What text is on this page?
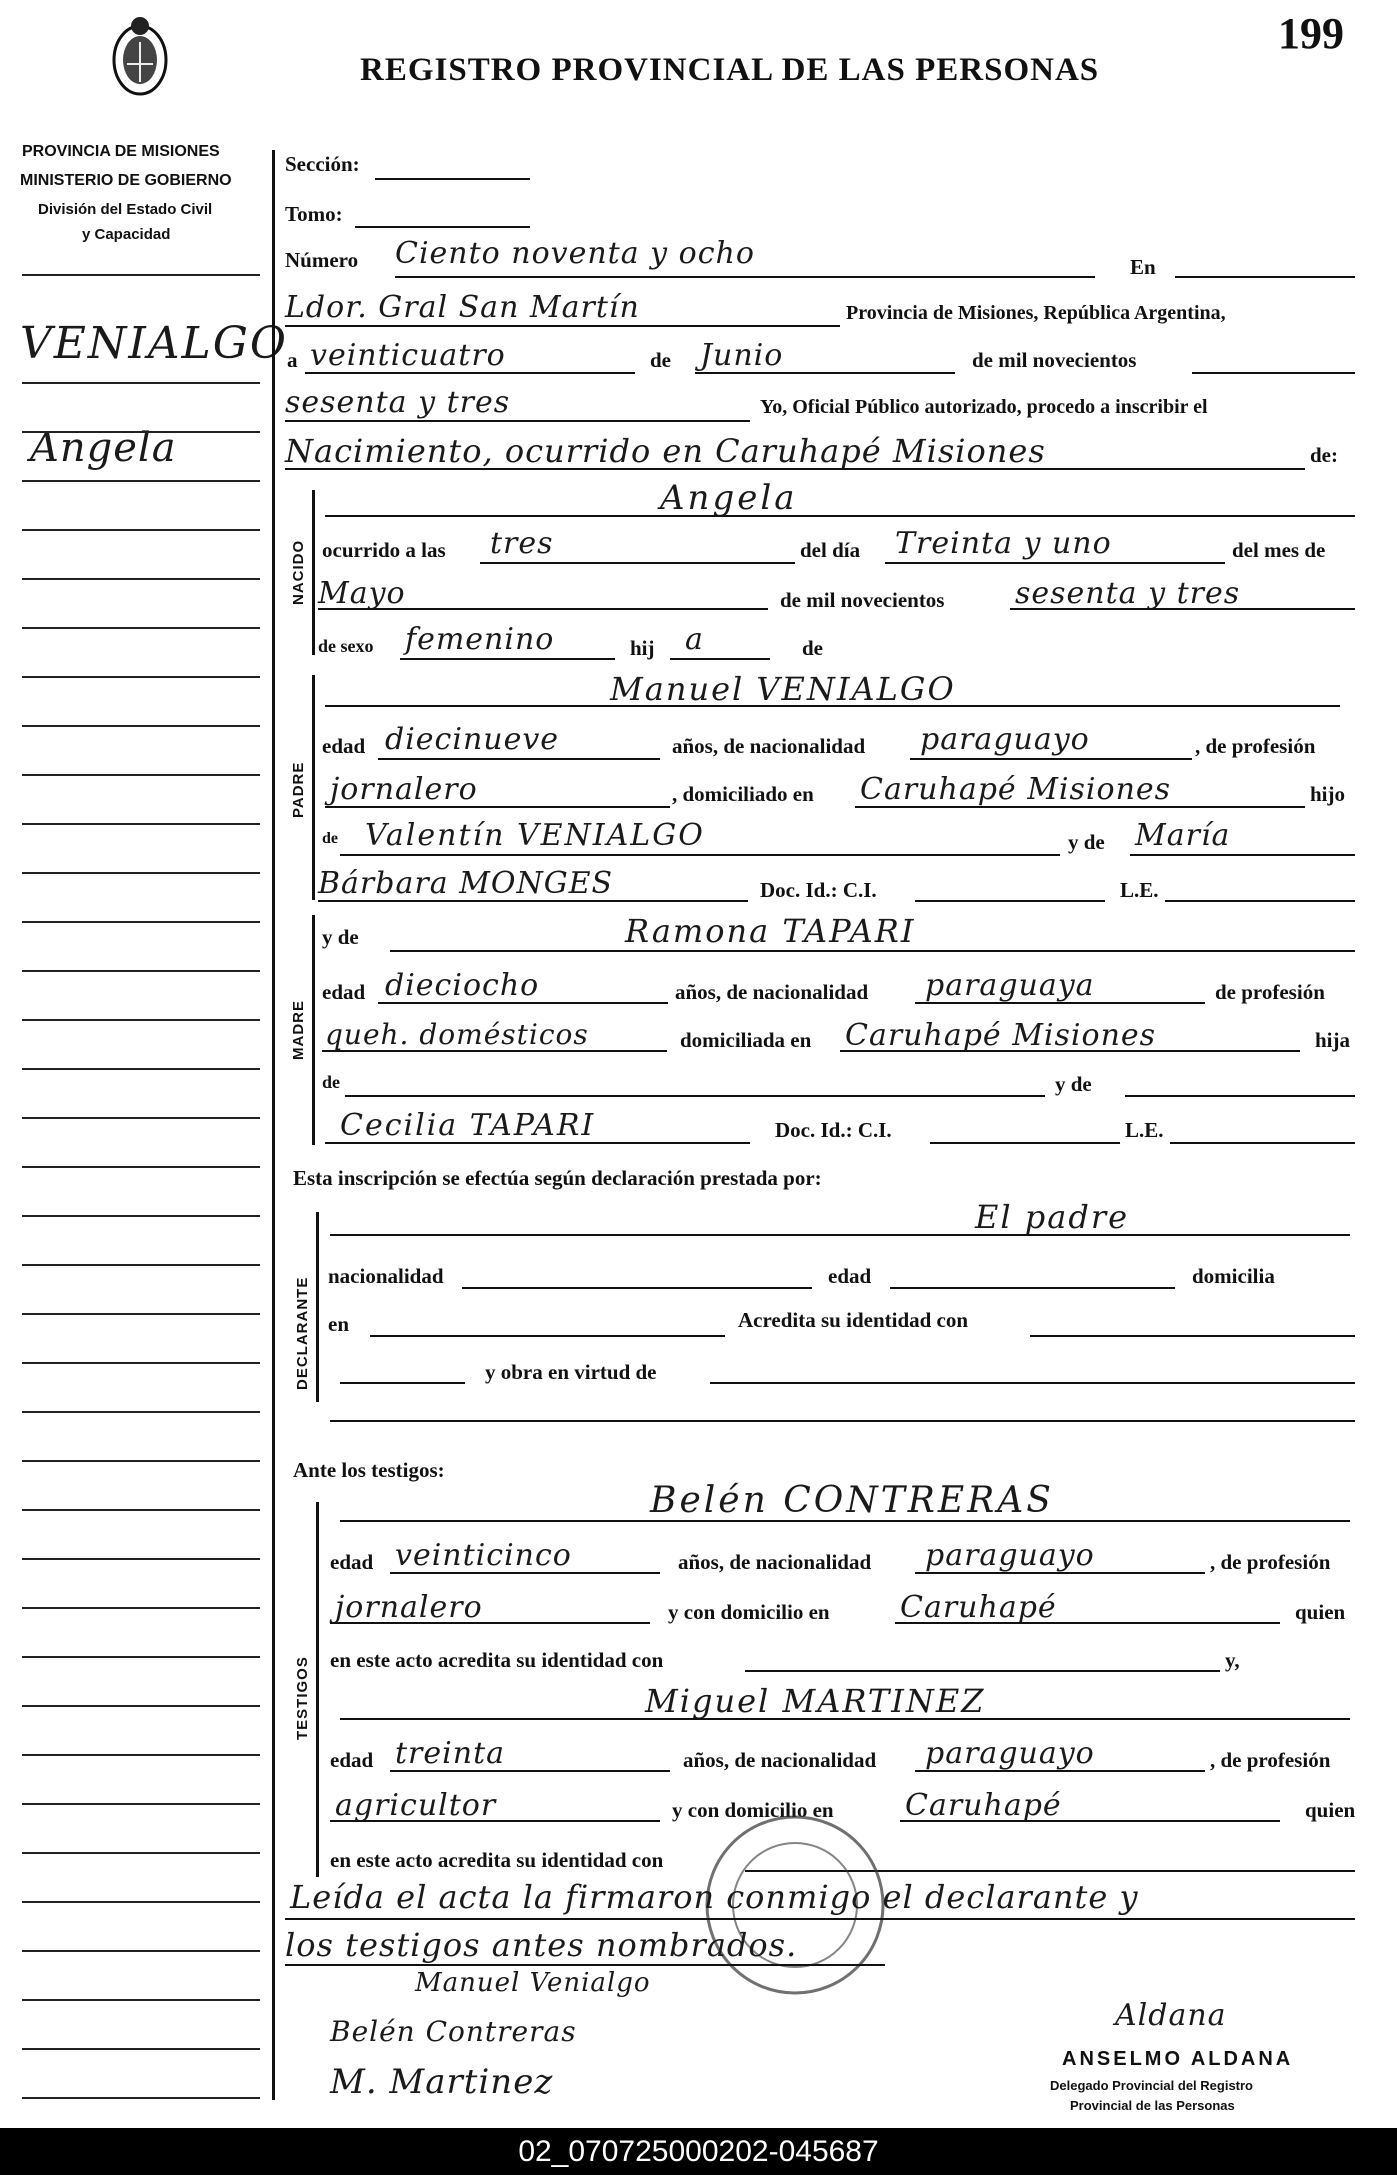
REGISTRO PROVINCIAL DE LAS PERSONAS
199
PROVINCIA DE MISIONES
MINISTERIO DE GOBIERNO
División del Estado Civil
y Capacidad
VENIALGO
Angela
Sección:
Tomo:
Número Ciento noventa y ocho	En
Ldor. Gral San Martín	Provincia de Misiones, República Argentina,
a veinticuatro	de Junio	de mil novecientos
sesenta y tres	Yo, Oficial Público autorizado, procedo a inscribir el
Nacimiento, ocurrido en Caruhapé Misiones	de:
NACIDO
Angela
ocurrido a las tres	del día Treinta y uno	del mes de
Mayo	de mil novecientos sesenta y tres
de sexo femenino	hij a	de
PADRE
Manuel VENIALGO
edad diecinueve	años, de nacionalidad paraguayo	, de profesión
jornalero	, domiciliado en Caruhapé Misiones	hijo
de Valentín VENIALGO	y de María
Bárbara MONGES	Doc. Id.: C.I.	L.E.
MADRE
y de	Ramona TAPARI
edad dieciocho	años, de nacionalidad paraguaya	de profesión
queh. domésticos	domiciliada en Caruhapé Misiones	hija
de	y de
Cecilia TAPARI	Doc. Id.: C.I.	L.E.
Esta inscripción se efectúa según declaración prestada por:
DECLARANTE
El padre
nacionalidad	edad	domicilia
en	Acredita su identidad con
y obra en virtud de
Ante los testigos:
TESTIGOS
Belén CONTRERAS
edad veinticinco	años, de nacionalidad paraguayo	, de profesión
jornalero	y con domicilio en Caruhapé	quien
en este acto acredita su identidad con	y,
Miguel MARTINEZ
edad treinta	años, de nacionalidad paraguayo	, de profesión
agricultor	y con domicilio en Caruhapé	quien
en este acto acredita su identidad con
Leída el acta la firmaron conmigo el declarante y
los testigos antes nombrados.
Manuel Venialgo
Belén Contreras
M. Martinez
Aldana
ANSELMO ALDANA
Delegado Provincial del Registro
Provincial de las Personas
02_070725000202-045687
